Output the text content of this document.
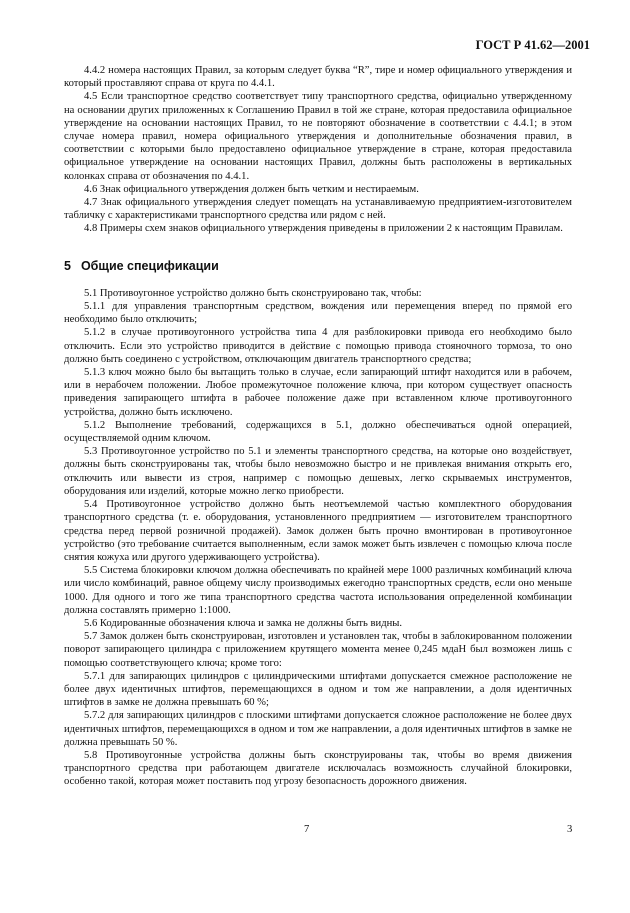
ГОСТ Р 41.62—2001

4.4.2 номера настоящих Правил, за которым следует буква “R”, тире и номер официального утверждения и который проставляют справа от круга по 4.4.1.

4.5 Если транспортное средство соответствует типу транспортного средства, официально утвержденному на основании других приложенных к Соглашению Правил в той же стране, которая предоставила официальное утверждение на основании настоящих Правил, то не повторяют обозначение в соответствии с 4.4.1; в этом случае номера правил, номера официального утверждения и дополнительные обозначения правил, в соответствии с которыми было предоставлено официальное утверждение в стране, которая предоставила официальное утверждение на основании настоящих Правил, должны быть расположены в вертикальных колонках справа от обозначения по 4.4.1.

4.6 Знак официального утверждения должен быть четким и нестираемым.

4.7 Знак официального утверждения следует помещать на устанавливаемую предприятием-изготовителем табличку с характеристиками транспортного средства или рядом с ней.

4.8 Примеры схем знаков официального утверждения приведены в приложении 2 к настоящим Правилам.

5 Общие спецификации

5.1 Противоугонное устройство должно быть сконструировано так, чтобы:

5.1.1 для управления транспортным средством, вождения или перемещения вперед по прямой его необходимо было отключить;

5.1.2 в случае противоугонного устройства типа 4 для разблокировки привода его необходимо было отключить. Если это устройство приводится в действие с помощью привода стояночного тормоза, то оно должно быть соединено с устройством, отключающим двигатель транспортного средства;

5.1.3 ключ можно было бы вытащить только в случае, если запирающий штифт находится или в рабочем, или в нерабочем положении. Любое промежуточное положение ключа, при котором существует опасность приведения запирающего штифта в рабочее положение даже при вставленном ключе противоугонного устройства, должно быть исключено.

5.1.2 Выполнение требований, содержащихся в 5.1, должно обеспечиваться одной операцией, осуществляемой одним ключом.

5.3 Противоугонное устройство по 5.1 и элементы транспортного средства, на которые оно воздействует, должны быть сконструированы так, чтобы было невозможно быстро и не привлекая внимания открыть его, отключить или вывести из строя, например с помощью дешевых, легко скрываемых инструментов, оборудования или изделий, которые можно легко приобрести.

5.4 Противоугонное устройство должно быть неотъемлемой частью комплектного оборудования транспортного средства (т. е. оборудования, установленного предприятием — изготовителем транспортного средства перед первой розничной продажей). Замок должен быть прочно вмонтирован в противоугонное устройство (это требование считается выполненным, если замок может быть извлечен с помощью ключа после снятия кожуха или другого удерживающего устройства).

5.5 Система блокировки ключом должна обеспечивать по крайней мере 1000 различных комбинаций ключа или число комбинаций, равное общему числу производимых ежегодно транспортных средств, если оно меньше 1000. Для одного и того же типа транспортного средства частота использования определенной комбинации должна составлять примерно 1:1000.

5.6 Кодированные обозначения ключа и замка не должны быть видны.

5.7 Замок должен быть сконструирован, изготовлен и установлен так, чтобы в заблокированном положении поворот запирающего цилиндра с приложением крутящего момента менее 0,245 мдаН был возможен лишь с помощью соответствующего ключа; кроме того:

5.7.1 для запирающих цилиндров с цилиндрическими штифтами допускается смежное расположение не более двух идентичных штифтов, перемещающихся в одном и том же направлении, а доля идентичных штифтов в замке не должна превышать 60 %;

5.7.2 для запирающих цилиндров с плоскими штифтами допускается сложное расположение не более двух идентичных штифтов, перемещающихся в одном и том же направлении, а доля идентичных штифтов в замке не должна превышать 50 %.

5.8 Противоугонные устройства должны быть сконструированы так, чтобы во время движения транспортного средства при работающем двигателе исключалась возможность случайной блокировки, особенно такой, которая может поставить под угрозу безопасность дорожного движения.

7	3
